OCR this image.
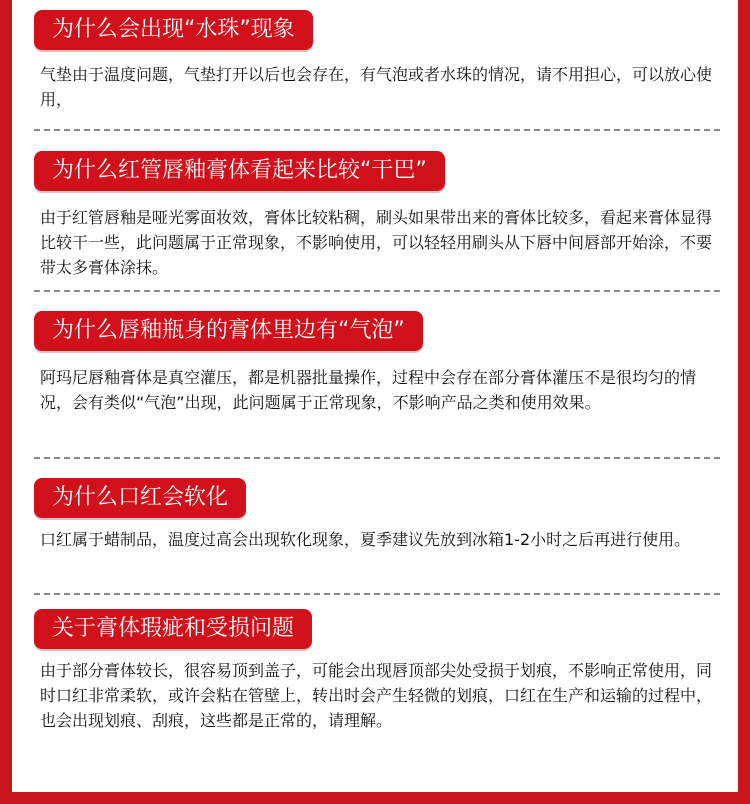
为什么会出现“水珠”现象
气垫由于温度问题，气垫打开以后也会存在，有气泡或者水珠的情况，请不用担心，可以放心使用，
为什么红管唇釉膏体看起来比较“干巴”
由于红管唇釉是哑光雾面妆效，膏体比较粘稠，刷头如果带出来的膏体比较多，看起来膏体显得比较干一些，此问题属于正常现象，不影响使用，可以轻轻用刷头从下唇中间唇部开始涂，不要带太多膏体涂抹。
为什么唇釉瓶身的膏体里边有“气泡”
阿玛尼唇釉膏体是真空灌压，都是机器批量操作，过程中会存在部分膏体灌压不是很均匀的情况，会有类似“气泡”出现，此问题属于正常现象，不影响产品之类和使用效果。
为什么口红会软化
口红属于蜡制品，温度过高会出现软化现象，夏季建议先放到冰箱1-2小时之后再进行使用。
关于膏体瑕疵和受损问题
由于部分膏体较长，很容易顶到盖子，可能会出现唇顶部尖处受损于划痕，不影响正常使用，同时口红非常柔软，或许会粘在管壁上，转出时会产生轻微的划痕，口红在生产和运输的过程中，也会出现划痕、刮痕，这些都是正常的，请理解。
